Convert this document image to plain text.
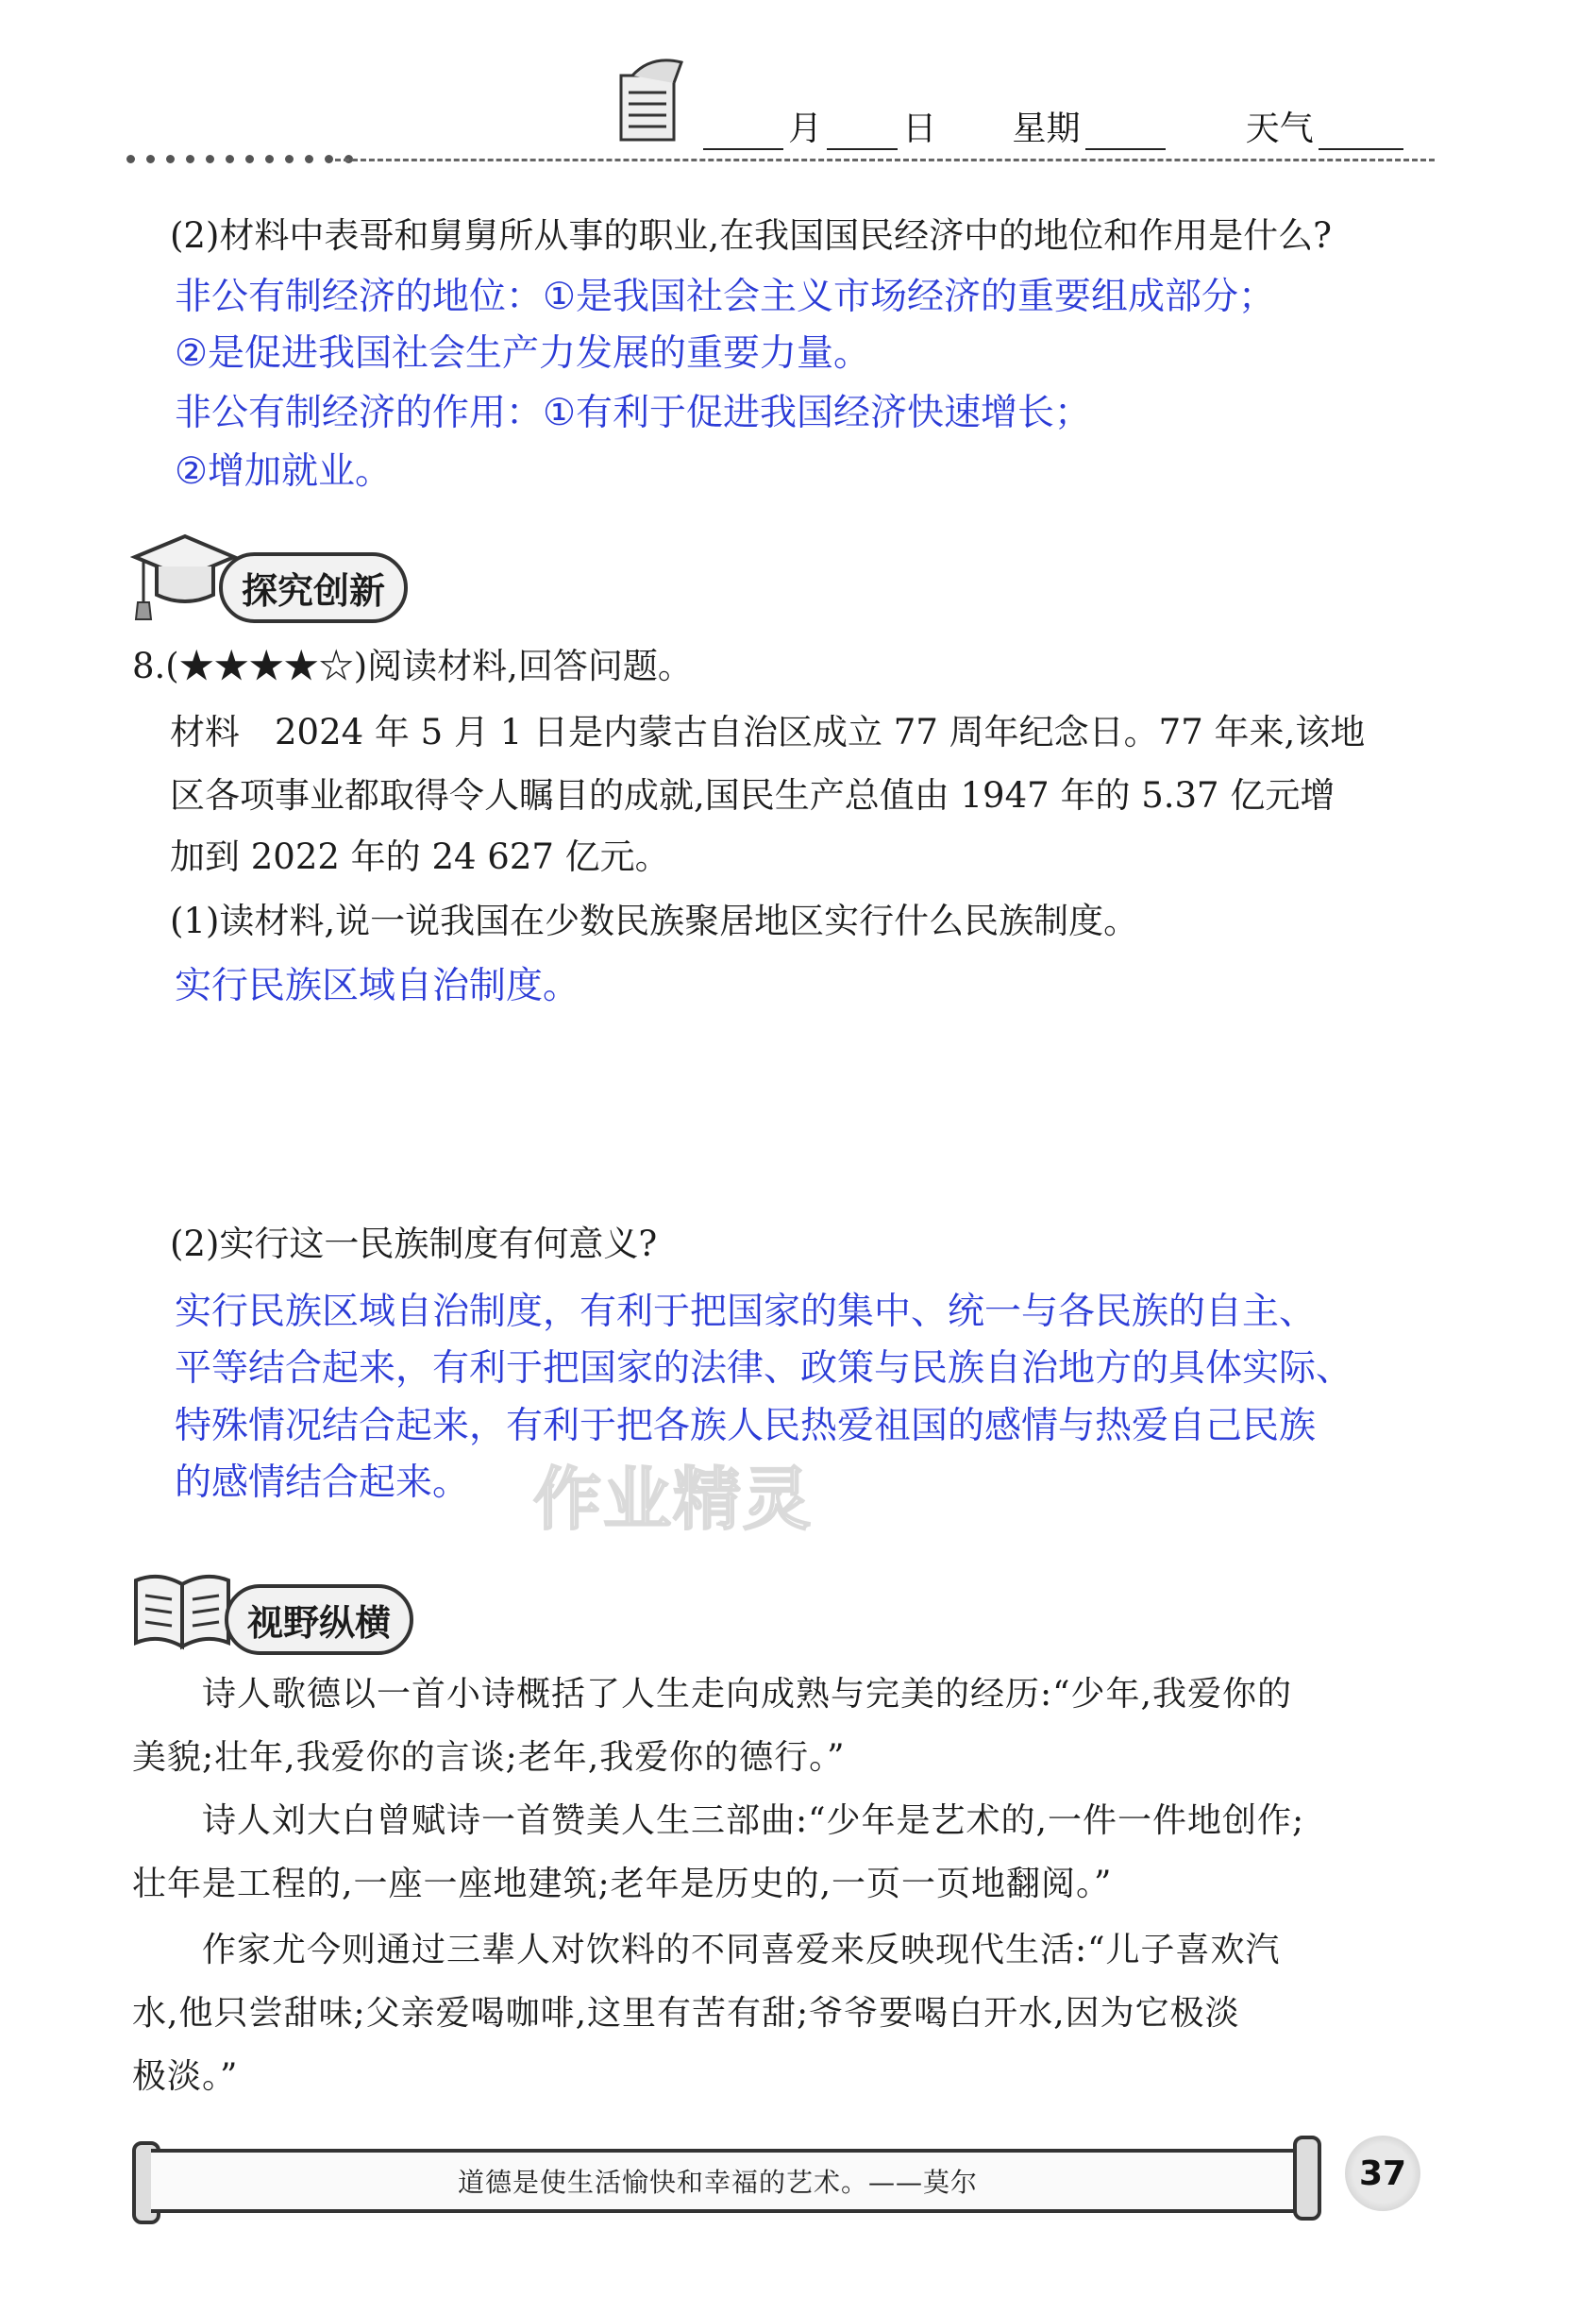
月 日 星期	天气
(2)材料中表哥和舅舅所从事的职业,在我国国民经济中的地位和作用是什么?
非公有制经济的地位：①是我国社会主义市场经济的重要组成部分；
②是促进我国社会生产力发展的重要力量。
非公有制经济的作用：①有利于促进我国经济快速增长；
②增加就业。
探究创新
8.(★★★★☆)阅读材料,回答问题。
材料　2024 年 5 月 1 日是内蒙古自治区成立 77 周年纪念日。77 年来,该地
区各项事业都取得令人瞩目的成就,国民生产总值由 1947 年的 5.37 亿元增
加到 2022 年的 24 627 亿元。
(1)读材料,说一说我国在少数民族聚居地区实行什么民族制度。
实行民族区域自治制度。
(2)实行这一民族制度有何意义?
实行民族区域自治制度，有利于把国家的集中、统一与各民族的自主、
平等结合起来，有利于把国家的法律、政策与民族自治地方的具体实际、
特殊情况结合起来，有利于把各族人民热爱祖国的感情与热爱自己民族
的感情结合起来。 作业精灵
视野纵横
　　诗人歌德以一首小诗概括了人生走向成熟与完美的经历:“少年,我爱你的
美貌;壮年,我爱你的言谈;老年,我爱你的德行。”
　　诗人刘大白曾赋诗一首赞美人生三部曲:“少年是艺术的,一件一件地创作;
壮年是工程的,一座一座地建筑;老年是历史的,一页一页地翻阅。”
　　作家尤今则通过三辈人对饮料的不同喜爱来反映现代生活:“儿子喜欢汽
水,他只尝甜味;父亲爱喝咖啡,这里有苦有甜;爷爷要喝白开水,因为它极淡
极淡。”
道德是使生活愉快和幸福的艺术。——莫尔	37
